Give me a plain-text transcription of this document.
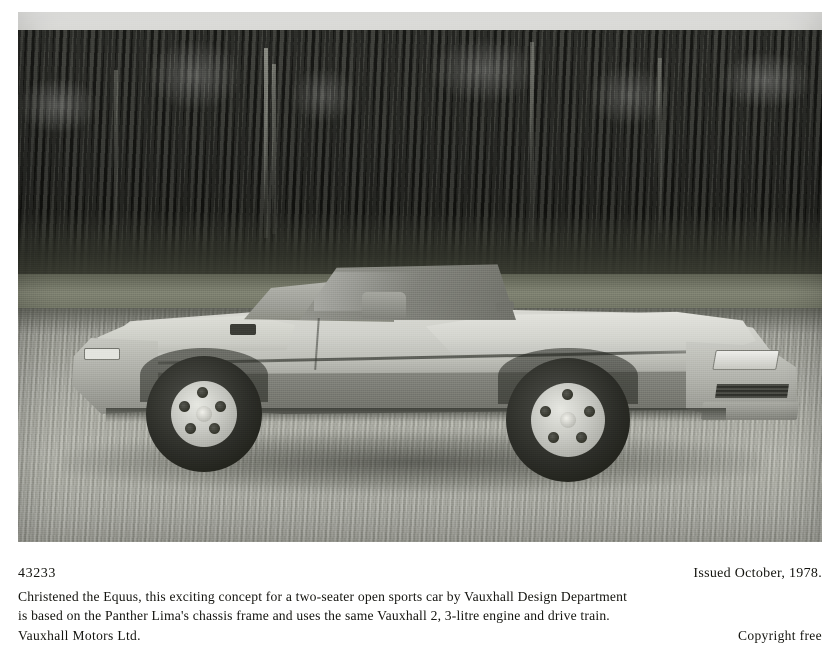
43233	Issued October, 1978.
Christened the Equus, this exciting concept for a two-seater open sports car by Vauxhall Design Department
is based on the Panther Lima's chassis frame and uses the same Vauxhall 2, 3-litre engine and drive train.
Vauxhall Motors Ltd.	Copyright free
